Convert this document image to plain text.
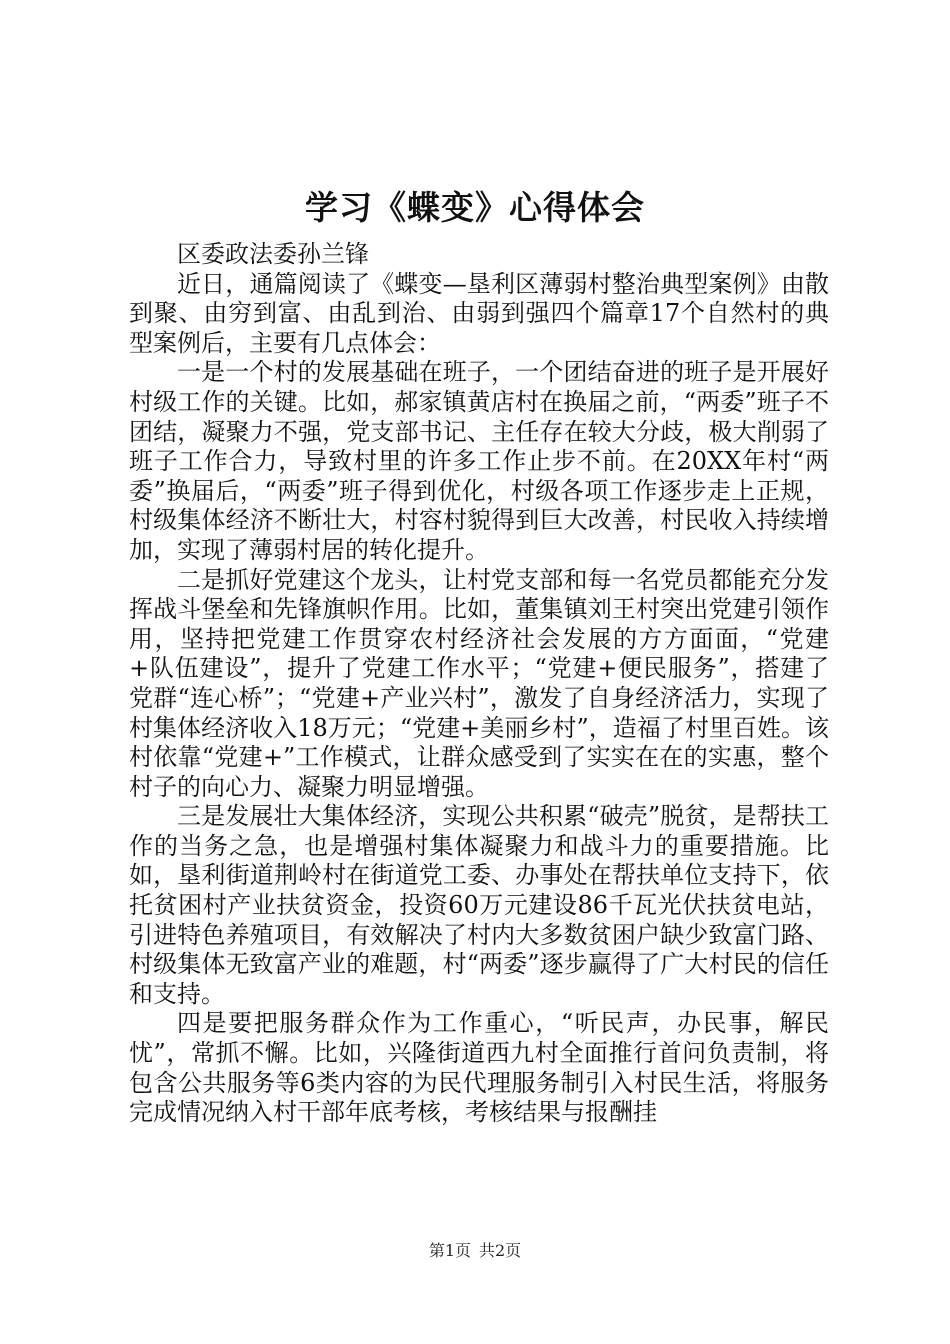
学习《蝶变》心得体会

区委政法委孙兰锋

近日，通篇阅读了《蝶变—垦利区薄弱村整治典型案例》由散到聚、由穷到富、由乱到治、由弱到强四个篇章17个自然村的典型案例后，主要有几点体会：

一是一个村的发展基础在班子，一个团结奋进的班子是开展好村级工作的关键。比如，郝家镇黄店村在换届之前，“两委”班子不团结，凝聚力不强，党支部书记、主任存在较大分歧，极大削弱了班子工作合力，导致村里的许多工作止步不前。在20XX年村“两委”换届后，“两委”班子得到优化，村级各项工作逐步走上正规，村级集体经济不断壮大，村容村貌得到巨大改善，村民收入持续增加，实现了薄弱村居的转化提升。

二是抓好党建这个龙头，让村党支部和每一名党员都能充分发挥战斗堡垒和先锋旗帜作用。比如，董集镇刘王村突出党建引领作用，坚持把党建工作贯穿农村经济社会发展的方方面面，“党建+队伍建设”，提升了党建工作水平；“党建+便民服务”，搭建了党群“连心桥”；“党建+产业兴村”，激发了自身经济活力，实现了村集体经济收入18万元；“党建+美丽乡村”，造福了村里百姓。该村依靠“党建+”工作模式，让群众感受到了实实在在的实惠，整个村子的向心力、凝聚力明显增强。

三是发展壮大集体经济，实现公共积累“破壳”脱贫，是帮扶工作的当务之急，也是增强村集体凝聚力和战斗力的重要措施。比如，垦利街道荆岭村在街道党工委、办事处在帮扶单位支持下，依托贫困村产业扶贫资金，投资60万元建设86千瓦光伏扶贫电站，引进特色养殖项目，有效解决了村内大多数贫困户缺少致富门路、村级集体无致富产业的难题，村“两委”逐步赢得了广大村民的信任和支持。

四是要把服务群众作为工作重心，“听民声，办民事，解民忧”，常抓不懈。比如，兴隆街道西九村全面推行首问负责制，将包含公共服务等6类内容的为民代理服务制引入村民生活，将服务完成情况纳入村干部年底考核，考核结果与报酬挂

第1页 共2页
